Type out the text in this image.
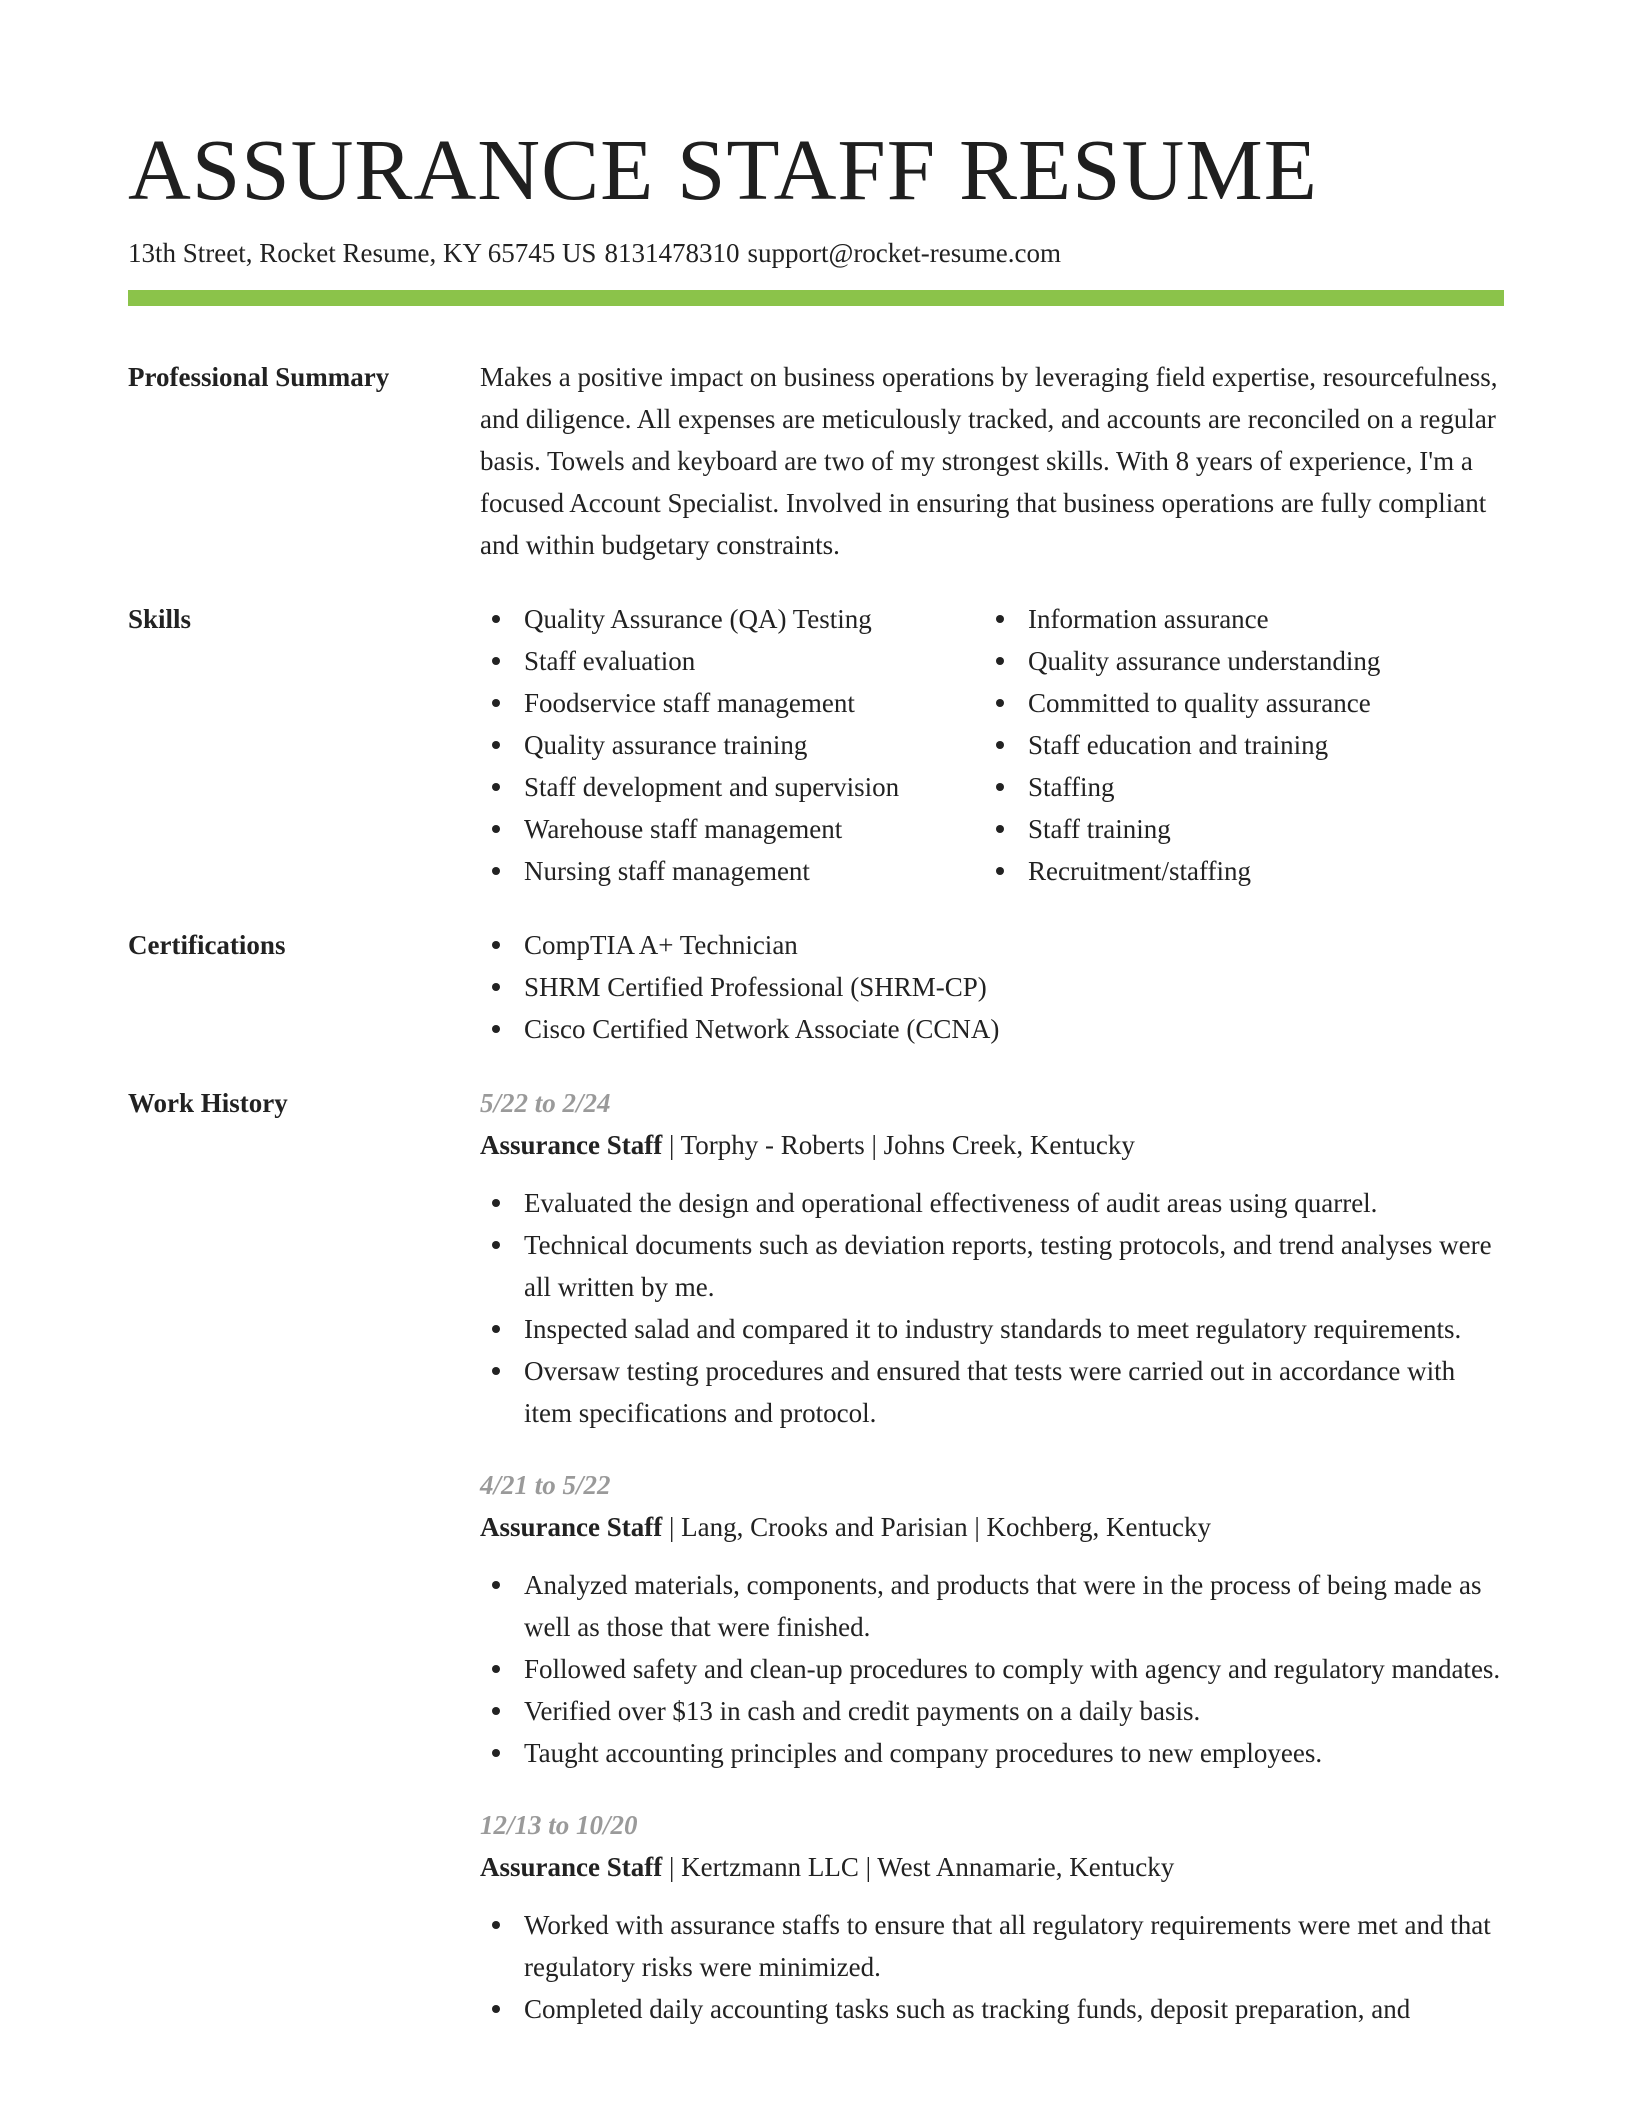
ASSURANCE STAFF RESUME
13th Street, Rocket Resume, KY 65745 US 8131478310 support@rocket-resume.com
Professional Summary	Makes a positive impact on business operations by leveraging field expertise, resourcefulness, and diligence. All expenses are meticulously tracked, and accounts are reconciled on a regular basis. Towels and keyboard are two of my strongest skills. With 8 years of experience, I'm a focused Account Specialist. Involved in ensuring that business operations are fully compliant and within budgetary constraints.
Skills	Quality Assurance (QA) Testing
Staff evaluation
Foodservice staff management
Quality assurance training
Staff development and supervision
Warehouse staff management
Nursing staff management
Information assurance
Quality assurance understanding
Committed to quality assurance
Staff education and training
Staffing
Staff training
Recruitment/staffing
Certifications	CompTIA A+ Technician
SHRM Certified Professional (SHRM-CP)
Cisco Certified Network Associate (CCNA)
Work History	5/22 to 2/24
Assurance Staff | Torphy - Roberts | Johns Creek, Kentucky
Evaluated the design and operational effectiveness of audit areas using quarrel.
Technical documents such as deviation reports, testing protocols, and trend analyses were all written by me.
Inspected salad and compared it to industry standards to meet regulatory requirements.
Oversaw testing procedures and ensured that tests were carried out in accordance with item specifications and protocol.
4/21 to 5/22
Assurance Staff | Lang, Crooks and Parisian | Kochberg, Kentucky
Analyzed materials, components, and products that were in the process of being made as well as those that were finished.
Followed safety and clean-up procedures to comply with agency and regulatory mandates.
Verified over $13 in cash and credit payments on a daily basis.
Taught accounting principles and company procedures to new employees.
12/13 to 10/20
Assurance Staff | Kertzmann LLC | West Annamarie, Kentucky
Worked with assurance staffs to ensure that all regulatory requirements were met and that regulatory risks were minimized.
Completed daily accounting tasks such as tracking funds, deposit preparation, and
